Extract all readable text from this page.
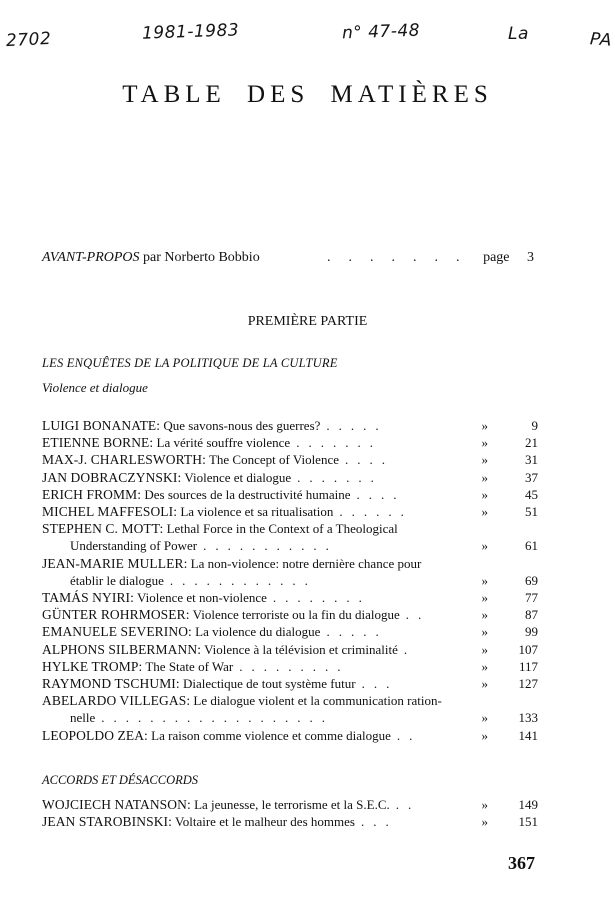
2702	1981-1983	n° 47-48	La	PA
TABLE DES MATIÈRES
AVANT-PROPOS par Norberto Bobbio	....... page 3
PREMIÈRE PARTIE
LES ENQUÊTES DE LA POLITIQUE DE LA CULTURE
Violence et dialogue
LUIGI BONANATE: Que savons-nous des guerres? .....	»	9
ETIENNE BORNE: La vérité souffre violence .......	»	21
MAX-J. CHARLESWORTH: The Concept of Violence ....	»	31
JAN DOBRACZYNSKI: Violence et dialogue .......	»	37
ERICH FROMM: Des sources de la destructivité humaine ....	»	45
MICHEL MAFFESOLI: La violence et sa ritualisation ......	»	51
STEPHEN C. MOTT: Lethal Force in the Context of a Theological
Understanding of Power ...........	»	61
JEAN-MARIE MULLER: La non-violence: notre dernière chance pour
établir le dialogue ............	»	69
TAMÁS NYIRI: Violence et non-violence ........	»	77
GÜNTER ROHRMOSER: Violence terroriste ou la fin du dialogue ..	»	87
EMANUELE SEVERINO: La violence du dialogue .....	»	99
ALPHONS SILBERMANN: Violence à la télévision et criminalité .	»	107
HYLKE TROMP: The State of War .........	»	117
RAYMOND TSCHUMI: Dialectique de tout système futur ...	»	127
ABELARDO VILLEGAS: Le dialogue violent et la communication ration-
nelle ...................	»	133
LEOPOLDO ZEA: La raison comme violence et comme dialogue ..	»	141
ACCORDS ET DÉSACCORDS
WOJCIECH NATANSON: La jeunesse, le terrorisme et la S.E.C. ..	»	149
JEAN STAROBINSKI: Voltaire et le malheur des hommes ...	»	151
367
